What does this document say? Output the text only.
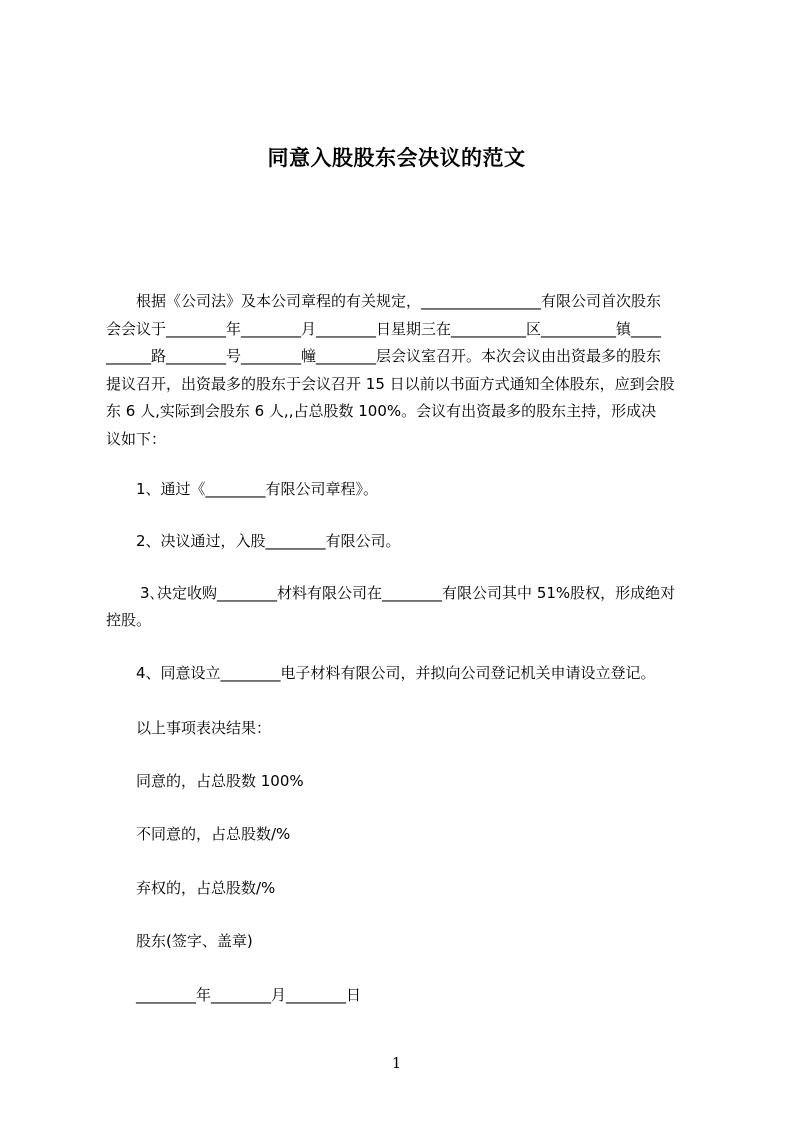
同意入股股东会决议的范文
　　根据《公司法》及本公司章程的有关规定，________________有限公司首次股东
会会议于________年________月________日星期三在__________区__________镇____
______路________号________幢________层会议室召开。本次会议由出资最多的股东
提议召开，出资最多的股东于会议召开 15 日以前以书面方式通知全体股东，应到会股
东 6 人,实际到会股东 6 人,,占总股数 100%。会议有出资最多的股东主持，形成决
议如下：
1、通过《________有限公司章程》。
2、决议通过，入股________有限公司。
3､决定收购________材料有限公司在________有限公司其中 51%股权，形成绝对
控股。
4、同意设立________电子材料有限公司，并拟向公司登记机关申请设立登记。
以上事项表决结果：
同意的，占总股数 100%
不同意的，占总股数/%
弃权的，占总股数/%
股东(签字、盖章)
________年________月________日
1
